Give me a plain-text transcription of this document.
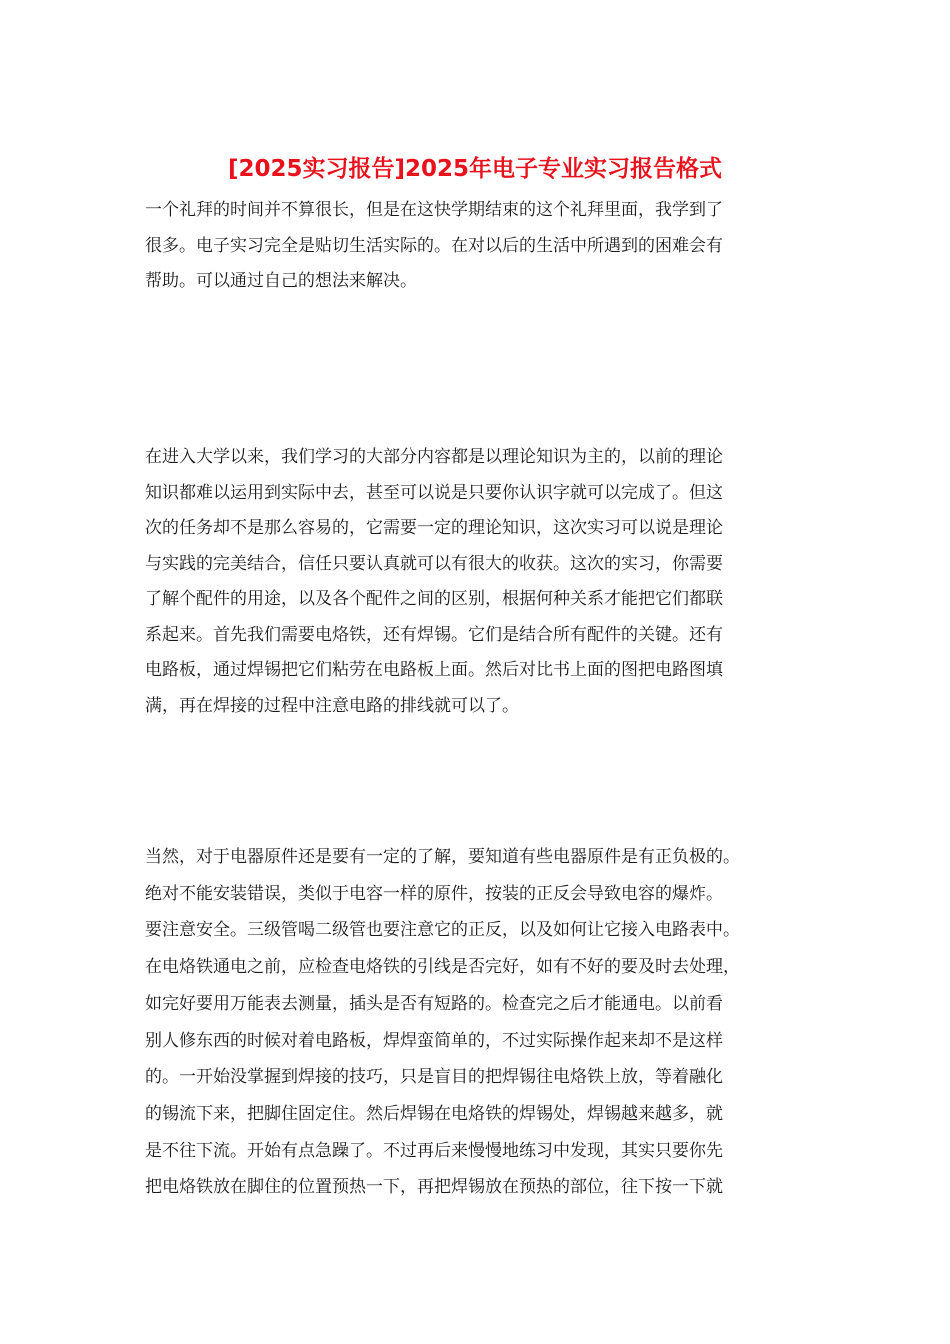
[2025实习报告]2025年电子专业实习报告格式
一个礼拜的时间并不算很长，但是在这快学期结束的这个礼拜里面，我学到了
很多。电子实习完全是贴切生活实际的。在对以后的生活中所遇到的困难会有
帮助。可以通过自己的想法来解决。
在进入大学以来，我们学习的大部分内容都是以理论知识为主的，以前的理论
知识都难以运用到实际中去，甚至可以说是只要你认识字就可以完成了。但这
次的任务却不是那么容易的，它需要一定的理论知识，这次实习可以说是理论
与实践的完美结合，信任只要认真就可以有很大的收获。这次的实习，你需要
了解个配件的用途，以及各个配件之间的区别，根据何种关系才能把它们都联
系起来。首先我们需要电烙铁，还有焊锡。它们是结合所有配件的关键。还有
电路板，通过焊锡把它们粘劳在电路板上面。然后对比书上面的图把电路图填
满，再在焊接的过程中注意电路的排线就可以了。
当然，对于电器原件还是要有一定的了解，要知道有些电器原件是有正负极的。
绝对不能安装错误，类似于电容一样的原件，按装的正反会导致电容的爆炸。
要注意安全。三级管喝二级管也要注意它的正反，以及如何让它接入电路表中。
在电烙铁通电之前，应检查电烙铁的引线是否完好，如有不好的要及时去处理，
如完好要用万能表去测量，插头是否有短路的。检查完之后才能通电。以前看
别人修东西的时候对着电路板，焊焊蛮简单的，不过实际操作起来却不是这样
的。一开始没掌握到焊接的技巧，只是盲目的把焊锡往电烙铁上放，等着融化
的锡流下来，把脚住固定住。然后焊锡在电烙铁的焊锡处，焊锡越来越多，就
是不往下流。开始有点急躁了。不过再后来慢慢地练习中发现，其实只要你先
把电烙铁放在脚住的位置预热一下，再把焊锡放在预热的部位，往下按一下就
